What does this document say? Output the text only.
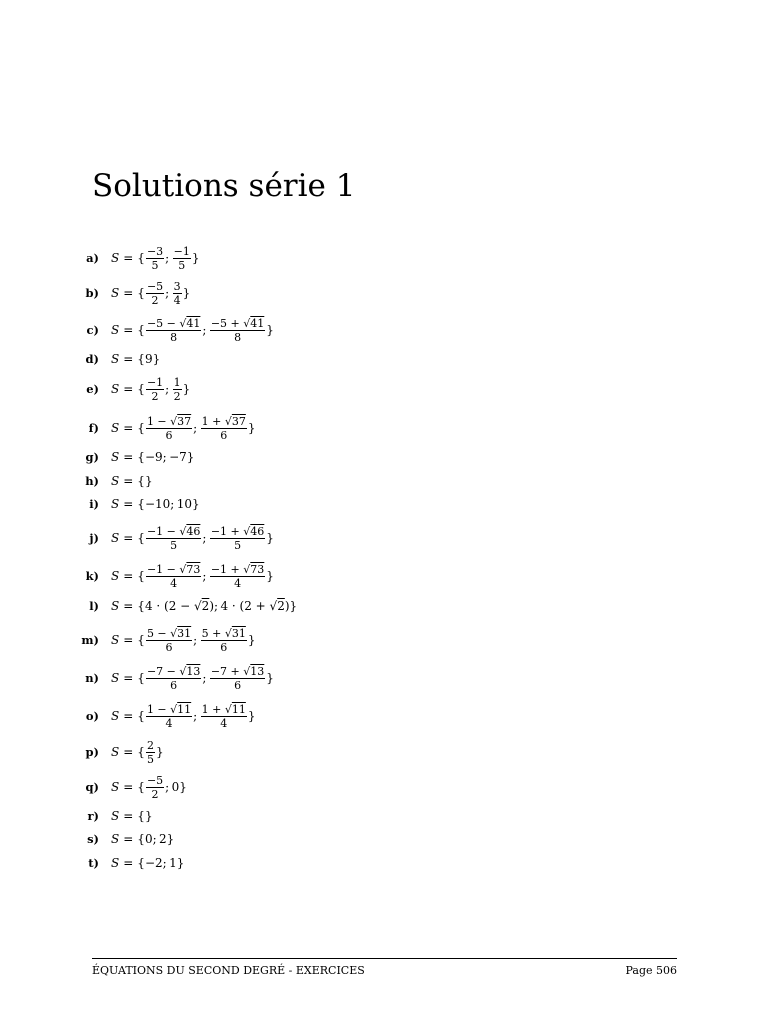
Solutions série 1
a)	S = { $\frac{-3}{5}$ ;  $\frac{-1}{5}$ }
b)	S = { $\frac{-5}{2}$ ;  $\frac{3}{4}$ }
c)	S = { $\frac{-5 - √41}{8}$ ;  $\frac{-5 + √41}{8}$ }
d)	S = { 9 }
e)	S = { $\frac{-1}{2}$ ;  $\frac{1}{2}$ }
f)	S = { $\frac{1 - √37}{6}$ ;  $\frac{1 + √37}{6}$ }
g)	S = { −9 ;  −7 }
h)	S = { }
i)	S = { −10 ;  10 }
j)	S = { $\frac{-1 - √46}{5}$ ;  $\frac{-1 + √46}{5}$ }
k)	S = { $\frac{-1 - √73}{4}$ ;  $\frac{-1 + √73}{4}$ }
l)	S = { 4 · (2 − √2) ;  4 · (2 + √2) }
m)	S = { $\frac{5 - √31}{6}$ ;  $\frac{5 + √31}{6}$ }
n)	S = { $\frac{-7 - √13}{6}$ ;  $\frac{-7 + √13}{6}$ }
o)	S = { $\frac{1 - √11}{4}$ ;  $\frac{1 + √11}{4}$ }
p)	S = { $\frac{2}{5}$ }
q)	S = { $\frac{-5}{2}$ ;  0 }
r)	S = { }
s)	S = { 0 ;  2 }
t)	S = { −2 ;  1 }
ÉQUATIONS DU SECOND DEGRÉ - EXERCICES	Page 506
